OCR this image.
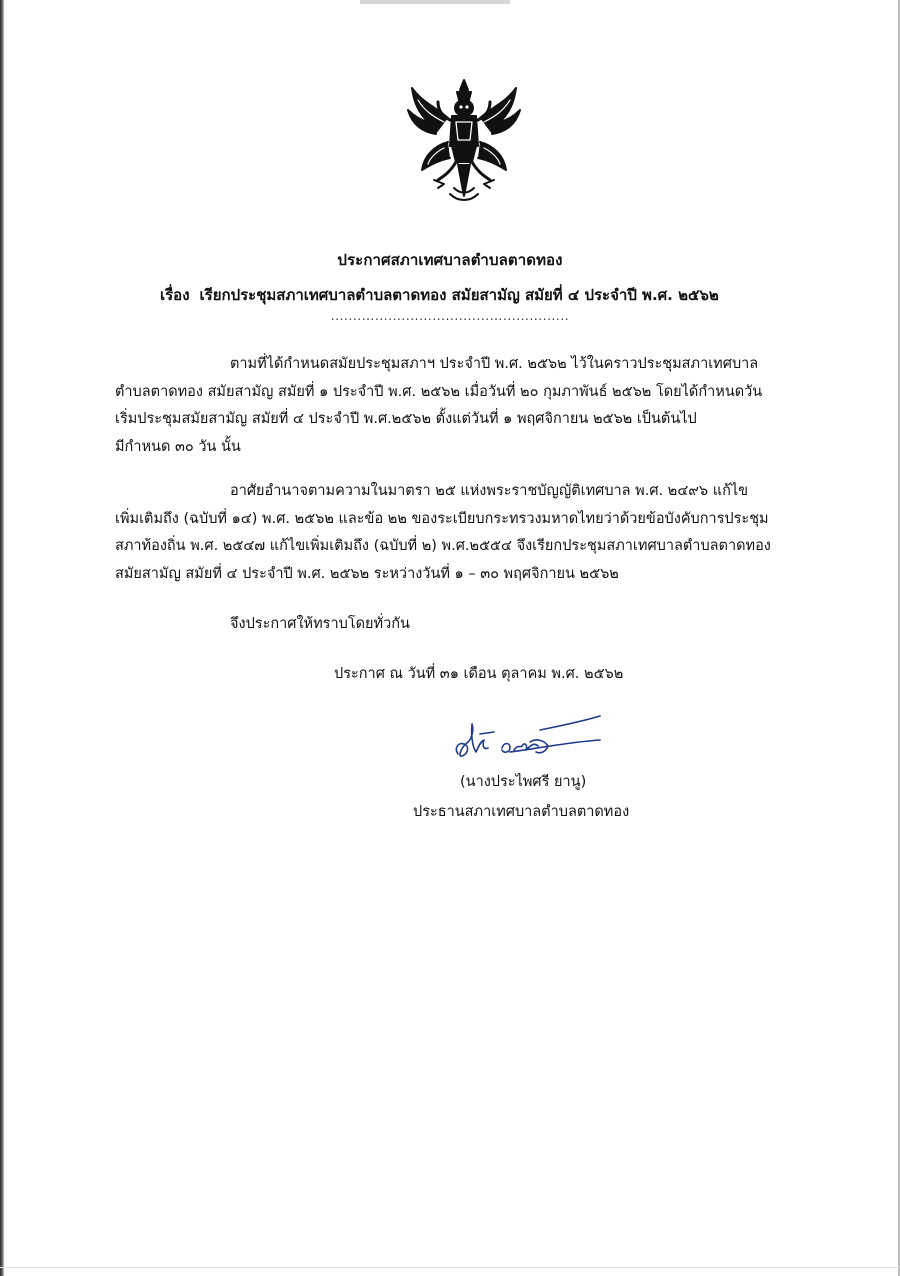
ประกาศสภาเทศบาลตำบลตาดทอง
เรื่อง เรียกประชุมสภาเทศบาลตำบลตาดทอง สมัยสามัญ สมัยที่ ๔ ประจำปี พ.ศ. ๒๕๖๒
......................................................
ตามที่ได้กำหนดสมัยประชุมสภาฯ ประจำปี พ.ศ. ๒๕๖๒ ไว้ในคราวประชุมสภาเทศบาล
ตำบลตาดทอง สมัยสามัญ สมัยที่ ๑ ประจำปี พ.ศ. ๒๕๖๒ เมื่อวันที่ ๒๐ กุมภาพันธ์ ๒๕๖๒ โดยได้กำหนดวัน
เริ่มประชุมสมัยสามัญ สมัยที่ ๔ ประจำปี พ.ศ.๒๕๖๒ ตั้งแต่วันที่ ๑ พฤศจิกายน ๒๕๖๒ เป็นต้นไป
มีกำหนด ๓๐ วัน นั้น
อาศัยอำนาจตามความในมาตรา ๒๕ แห่งพระราชบัญญัติเทศบาล พ.ศ. ๒๔๙๖ แก้ไข
เพิ่มเติมถึง (ฉบับที่ ๑๔) พ.ศ. ๒๕๖๒ และข้อ ๒๒ ของระเบียบกระทรวงมหาดไทยว่าด้วยข้อบังคับการประชุม
สภาท้องถิ่น พ.ศ. ๒๕๔๗ แก้ไขเพิ่มเติมถึง (ฉบับที่ ๒) พ.ศ.๒๕๕๔ จึงเรียกประชุมสภาเทศบาลตำบลตาดทอง
สมัยสามัญ สมัยที่ ๔ ประจำปี พ.ศ. ๒๕๖๒ ระหว่างวันที่ ๑ – ๓๐ พฤศจิกายน ๒๕๖๒
จึงประกาศให้ทราบโดยทั่วกัน
ประกาศ ณ วันที่ ๓๑ เดือน ตุลาคม พ.ศ. ๒๕๖๒
(นางประไพศรี ยานู)
ประธานสภาเทศบาลตำบลตาดทอง
